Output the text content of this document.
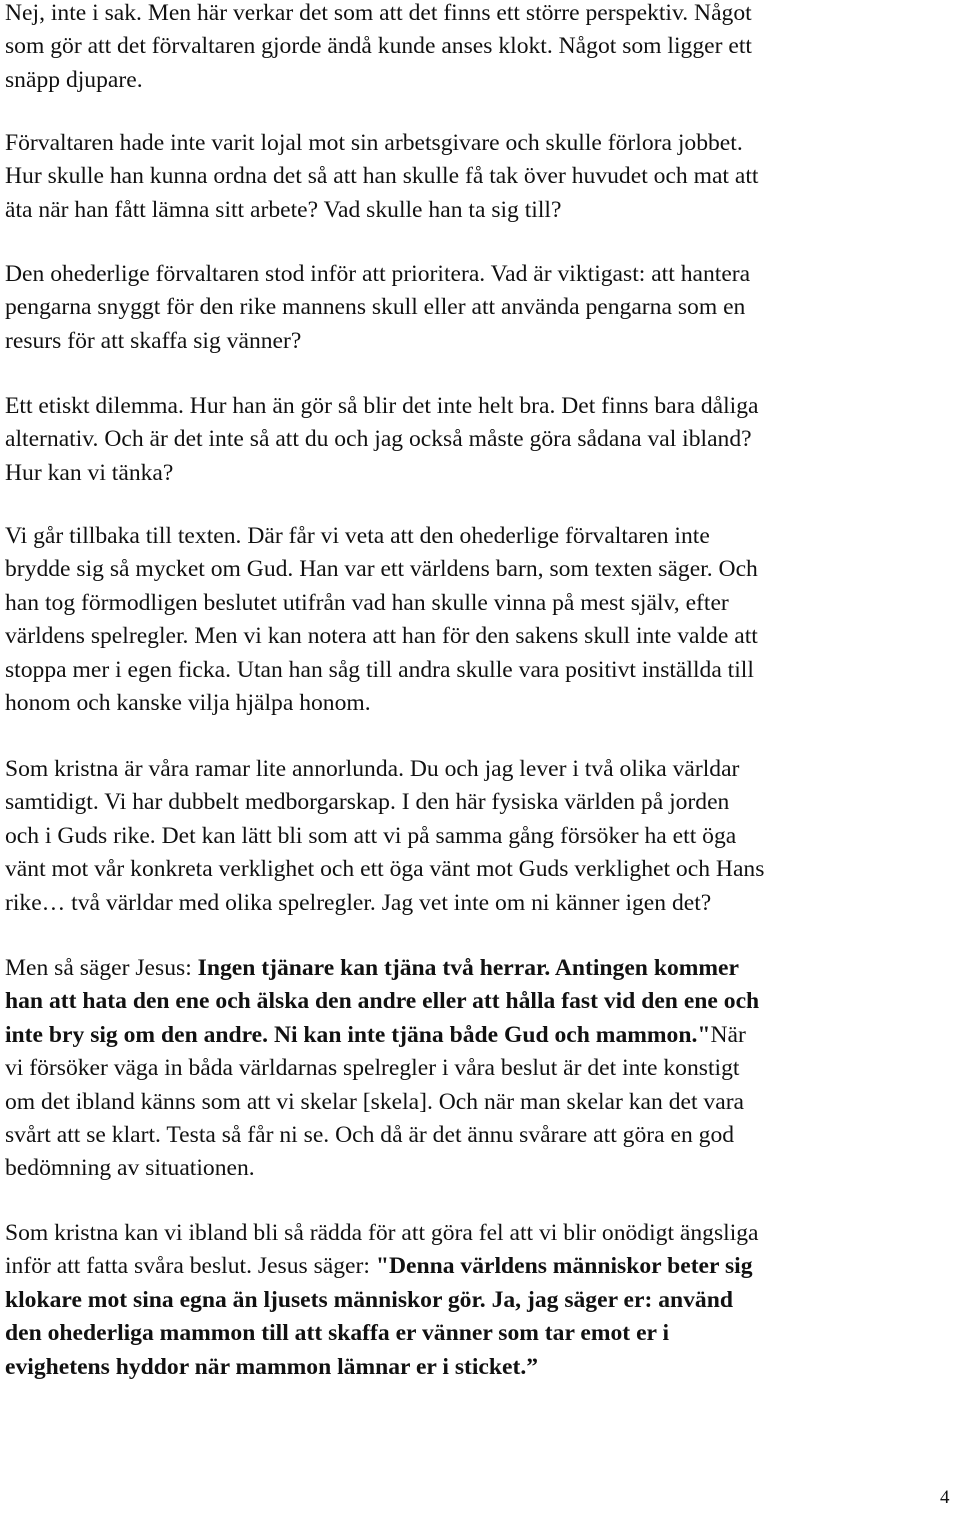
Nej, inte i sak. Men här verkar det som att det finns ett större perspektiv. Något
som gör att det förvaltaren gjorde ändå kunde anses klokt. Något som ligger ett
snäpp djupare.

Förvaltaren hade inte varit lojal mot sin arbetsgivare och skulle förlora jobbet.
Hur skulle han kunna ordna det så att han skulle få tak över huvudet och mat att
äta när han fått lämna sitt arbete? Vad skulle han ta sig till?

Den ohederlige förvaltaren stod inför att prioritera. Vad är viktigast: att hantera
pengarna snyggt för den rike mannens skull eller att använda pengarna som en
resurs för att skaffa sig vänner?

Ett etiskt dilemma. Hur han än gör så blir det inte helt bra. Det finns bara dåliga
alternativ. Och är det inte så att du och jag också måste göra sådana val ibland?
Hur kan vi tänka?

Vi går tillbaka till texten. Där får vi veta att den ohederlige förvaltaren inte
brydde sig så mycket om Gud. Han var ett världens barn, som texten säger. Och
han tog förmodligen beslutet utifrån vad han skulle vinna på mest själv, efter
världens spelregler. Men vi kan notera att han för den sakens skull inte valde att
stoppa mer i egen ficka. Utan han såg till andra skulle vara positivt inställda till
honom och kanske vilja hjälpa honom.

Som kristna är våra ramar lite annorlunda. Du och jag lever i två olika världar
samtidigt. Vi har dubbelt medborgarskap. I den här fysiska världen på jorden
och i Guds rike. Det kan lätt bli som att vi på samma gång försöker ha ett öga
vänt mot vår konkreta verklighet och ett öga vänt mot Guds verklighet och Hans
rike… två världar med olika spelregler. Jag vet inte om ni känner igen det?

Men så säger Jesus: Ingen tjänare kan tjäna två herrar. Antingen kommer
han att hata den ene och älska den andre eller att hålla fast vid den ene och
inte bry sig om den andre. Ni kan inte tjäna både Gud och mammon."När
vi försöker väga in båda världarnas spelregler i våra beslut är det inte konstigt
om det ibland känns som att vi skelar [skela]. Och när man skelar kan det vara
svårt att se klart. Testa så får ni se. Och då är det ännu svårare att göra en god
bedömning av situationen.

Som kristna kan vi ibland bli så rädda för att göra fel att vi blir onödigt ängsliga
inför att fatta svåra beslut. Jesus säger: "Denna världens människor beter sig
klokare mot sina egna än ljusets människor gör. Ja, jag säger er: använd
den ohederliga mammon till att skaffa er vänner som tar emot er i
evighetens hyddor när mammon lämnar er i sticket.”

4
